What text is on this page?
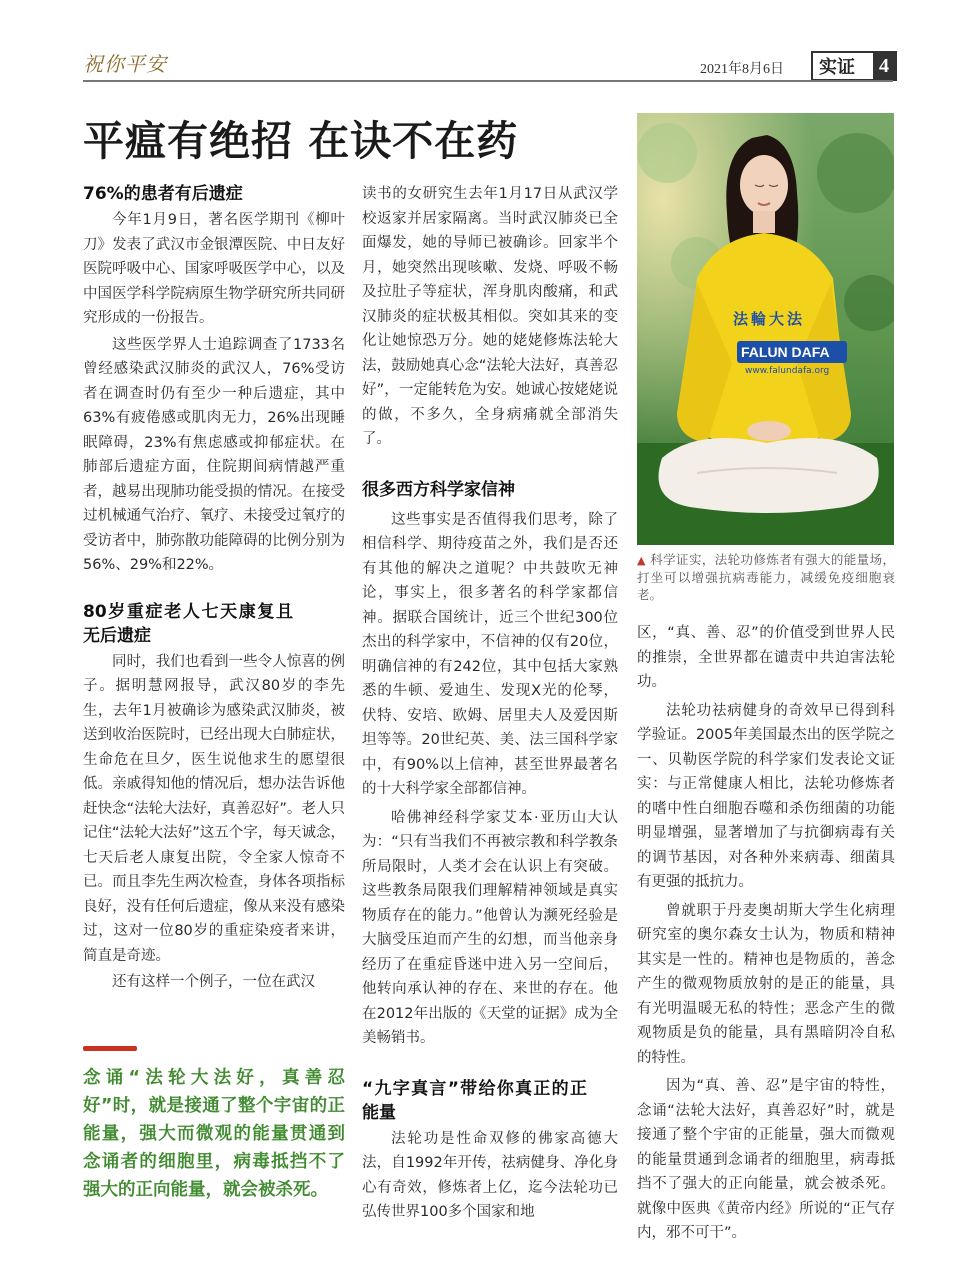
祝你平安	2021年8月6日	实证	4
平瘟有绝招 在诀不在药
76%的患者有后遗症

今年1月9日，著名医学期刊《柳叶刀》发表了武汉市金银潭医院、中日友好医院呼吸中心、国家呼吸医学中心，以及中国医学科学院病原生物学研究所共同研究形成的一份报告。

这些医学界人士追踪调查了1733名曾经感染武汉肺炎的武汉人，76%受访者在调查时仍有至少一种后遗症，其中63%有疲倦感或肌肉无力，26%出现睡眠障碍，23%有焦虑感或抑郁症状。在肺部后遗症方面，住院期间病情越严重者，越易出现肺功能受损的情况。在接受过机械通气治疗、氧疗、未接受过氧疗的受访者中，肺弥散功能障碍的比例分别为56%、29%和22%。

80岁重症老人七天康复且无后遗症

同时，我们也看到一些令人惊喜的例子。据明慧网报导，武汉80岁的李先生，去年1月被确诊为感染武汉肺炎，被送到收治医院时，已经出现大白肺症状，生命危在旦夕，医生说他求生的愿望很低。亲戚得知他的情况后，想办法告诉他赶快念“法轮大法好，真善忍好”。老人只记住“法轮大法好”这五个字，每天诚念，七天后老人康复出院，令全家人惊奇不已。而且李先生两次检查，身体各项指标良好，没有任何后遗症，像从来没有感染过，这对一位80岁的重症染疫者来讲，简直是奇迹。

还有这样一个例子，一位在武汉

念诵“法轮大法好，真善忍好”时，就是接通了整个宇宙的正能量，强大而微观的能量贯通到念诵者的细胞里，病毒抵挡不了强大的正向能量，就会被杀死。

读书的女研究生去年1月17日从武汉学校返家并居家隔离。当时武汉肺炎已全面爆发，她的导师已被确诊。回家半个月，她突然出现咳嗽、发烧、呼吸不畅及拉肚子等症状，浑身肌肉酸痛，和武汉肺炎的症状极其相似。突如其来的变化让她惊恐万分。她的姥姥修炼法轮大法，鼓励她真心念“法轮大法好，真善忍好”，一定能转危为安。她诚心按姥姥说的做，不多久，全身病痛就全部消失了。

很多西方科学家信神

这些事实是否值得我们思考，除了相信科学、期待疫苗之外，我们是否还有其他的解决之道呢？中共鼓吹无神论，事实上，很多著名的科学家都信神。据联合国统计，近三个世纪300位杰出的科学家中，不信神的仅有20位，明确信神的有242位，其中包括大家熟悉的牛顿、爱迪生、发现X光的伦琴，伏特、安培、欧姆、居里夫人及爱因斯坦等等。20世纪英、美、法三国科学家中，有90%以上信神，甚至世界最著名的十大科学家全部都信神。

哈佛神经科学家艾本·亚历山大认为：“只有当我们不再被宗教和科学教条所局限时，人类才会在认识上有突破。这些教条局限我们理解精神领域是真实物质存在的能力。”他曾认为濒死经验是大脑受压迫而产生的幻想，而当他亲身经历了在重症昏迷中进入另一空间后，他转向承认神的存在、来世的存在。他在2012年出版的《天堂的证据》成为全美畅销书。

“九字真言”带给你真正的正能量

法轮功是性命双修的佛家高德大法，自1992年开传，祛病健身、净化身心有奇效，修炼者上亿，迄今法轮功已弘传世界100多个国家和地

法輪大法
FALUN DAFA
www.falundafa.org
▲ 科学证实，法轮功修炼者有强大的能量场，打坐可以增强抗病毒能力，减缓免疫细胞衰老。

区，“真、善、忍”的价值受到世界人民的推崇，全世界都在谴责中共迫害法轮功。

法轮功祛病健身的奇效早已得到科学验证。2005年美国最杰出的医学院之一、贝勒医学院的科学家们发表论文证实：与正常健康人相比，法轮功修炼者的嗜中性白细胞吞噬和杀伤细菌的功能明显增强，显著增加了与抗御病毒有关的调节基因，对各种外来病毒、细菌具有更强的抵抗力。

曾就职于丹麦奥胡斯大学生化病理研究室的奥尔森女士认为，物质和精神其实是一性的。精神也是物质的，善念产生的微观物质放射的是正的能量，具有光明温暖无私的特性；恶念产生的微观物质是负的能量，具有黑暗阴冷自私的特性。

因为“真、善、忍”是宇宙的特性，念诵“法轮大法好，真善忍好”时，就是接通了整个宇宙的正能量，强大而微观的能量贯通到念诵者的细胞里，病毒抵挡不了强大的正向能量，就会被杀死。就像中医典《黄帝内经》所说的“正气存内，邪不可干”。
